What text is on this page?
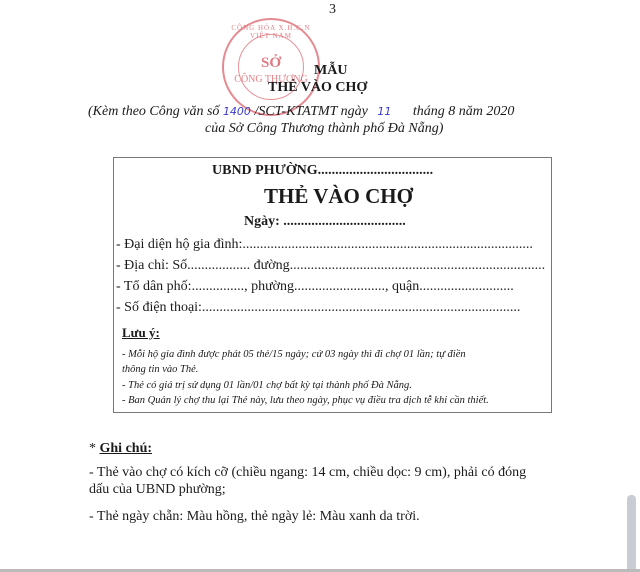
3
CỘNG HÒA X.H.C.N VIỆT NAM
SỞ
CÔNG THƯƠNG
MẪU
THẺ VÀO CHỢ
(Kèm theo Công văn số 1400 /SCT-KTATMT ngày 11 tháng 8 năm 2020
của Sở Công Thương thành phố Đà Nẵng)
UBND PHƯỜNG.................................
THẺ VÀO CHỢ
Ngày: ...................................
- Đại diện hộ gia đình:...................................................................................
- Địa chỉ: Số.................. đường.........................................................................
- Tổ dân phố:..............., phường.........................., quận...........................
- Số điện thoại:...........................................................................................
Lưu ý:
- Mỗi hộ gia đình được phát 05 thẻ/15 ngày; cứ 03 ngày thì đi chợ 01 lần; tự điền
thông tin vào Thẻ.
- Thẻ có giá trị sử dụng 01 lần/01 chợ bất kỳ tại thành phố Đà Nẵng.
- Ban Quản lý chợ thu lại Thẻ này, lưu theo ngày, phục vụ điều tra dịch tễ khi cần thiết.
* Ghi chú:
- Thẻ vào chợ có kích cỡ (chiều ngang: 14 cm, chiều dọc: 9 cm), phải có đóng
dấu của UBND phường;
- Thẻ ngày chẵn: Màu hồng, thẻ ngày lẻ: Màu xanh da trời.
